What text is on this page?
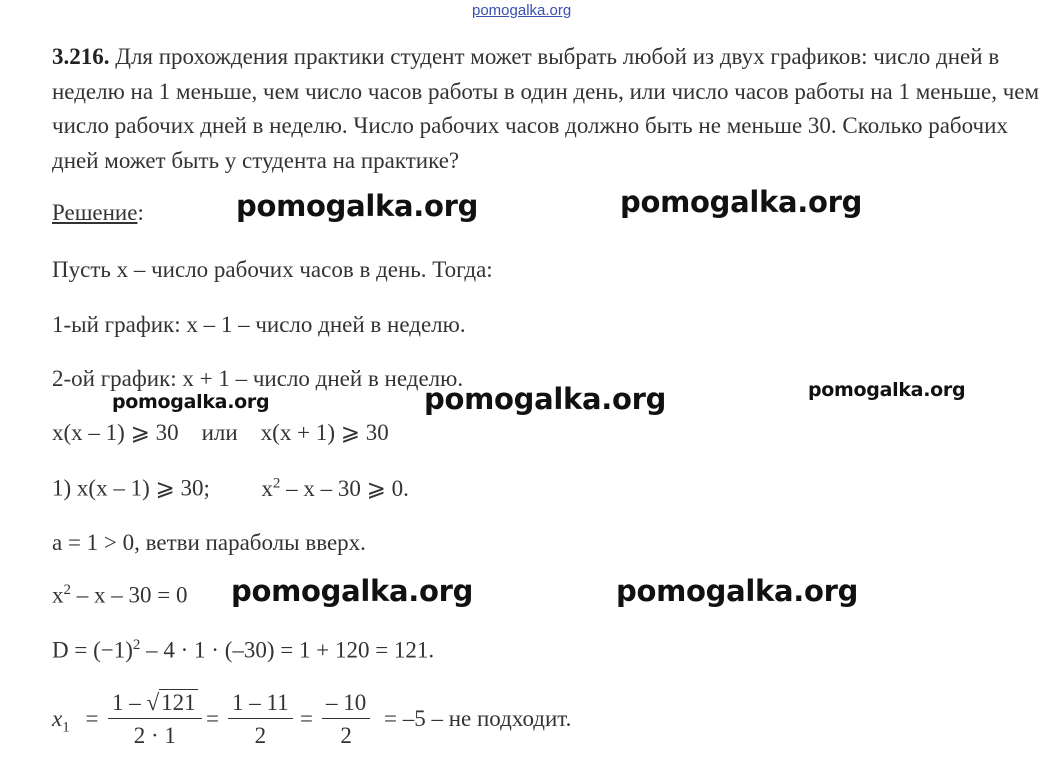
pomogalka.org
3.216. Для прохождения практики студент может выбрать любой из двух графиков: число дней в неделю на 1 меньше, чем число часов работы в один день, или число часов работы на 1 меньше, чем число рабочих дней в неделю. Число рабочих часов должно быть не меньше 30. Сколько рабочих дней может быть у студента на практике?
Решение:
Пусть x – число рабочих часов в день. Тогда:
1-ый график: x – 1 – число дней в неделю.
2-ой график: x + 1 – число дней в неделю.
x(x – 1) ⩾ 30    или    x(x + 1) ⩾ 30
1) x(x – 1) ⩾ 30; $x^2$ – x – 30 ⩾ 0.
a = 1 > 0, ветви параболы вверх.
$x^2 - x - 30 = 0$
$D = (-1)^2 - 4 \cdot 1 \cdot (-30) = 1 + 120 = 121$.
$x_1 = \frac{1 - √121}{2 \cdot 1} = \frac{1 - 11}{2} = \frac{- 10}{2} = -5$ – не подходит.
pomogalka.org	pomogalka.org
pomogalka.org	pomogalka.org	pomogalka.org
pomogalka.org	pomogalka.org
